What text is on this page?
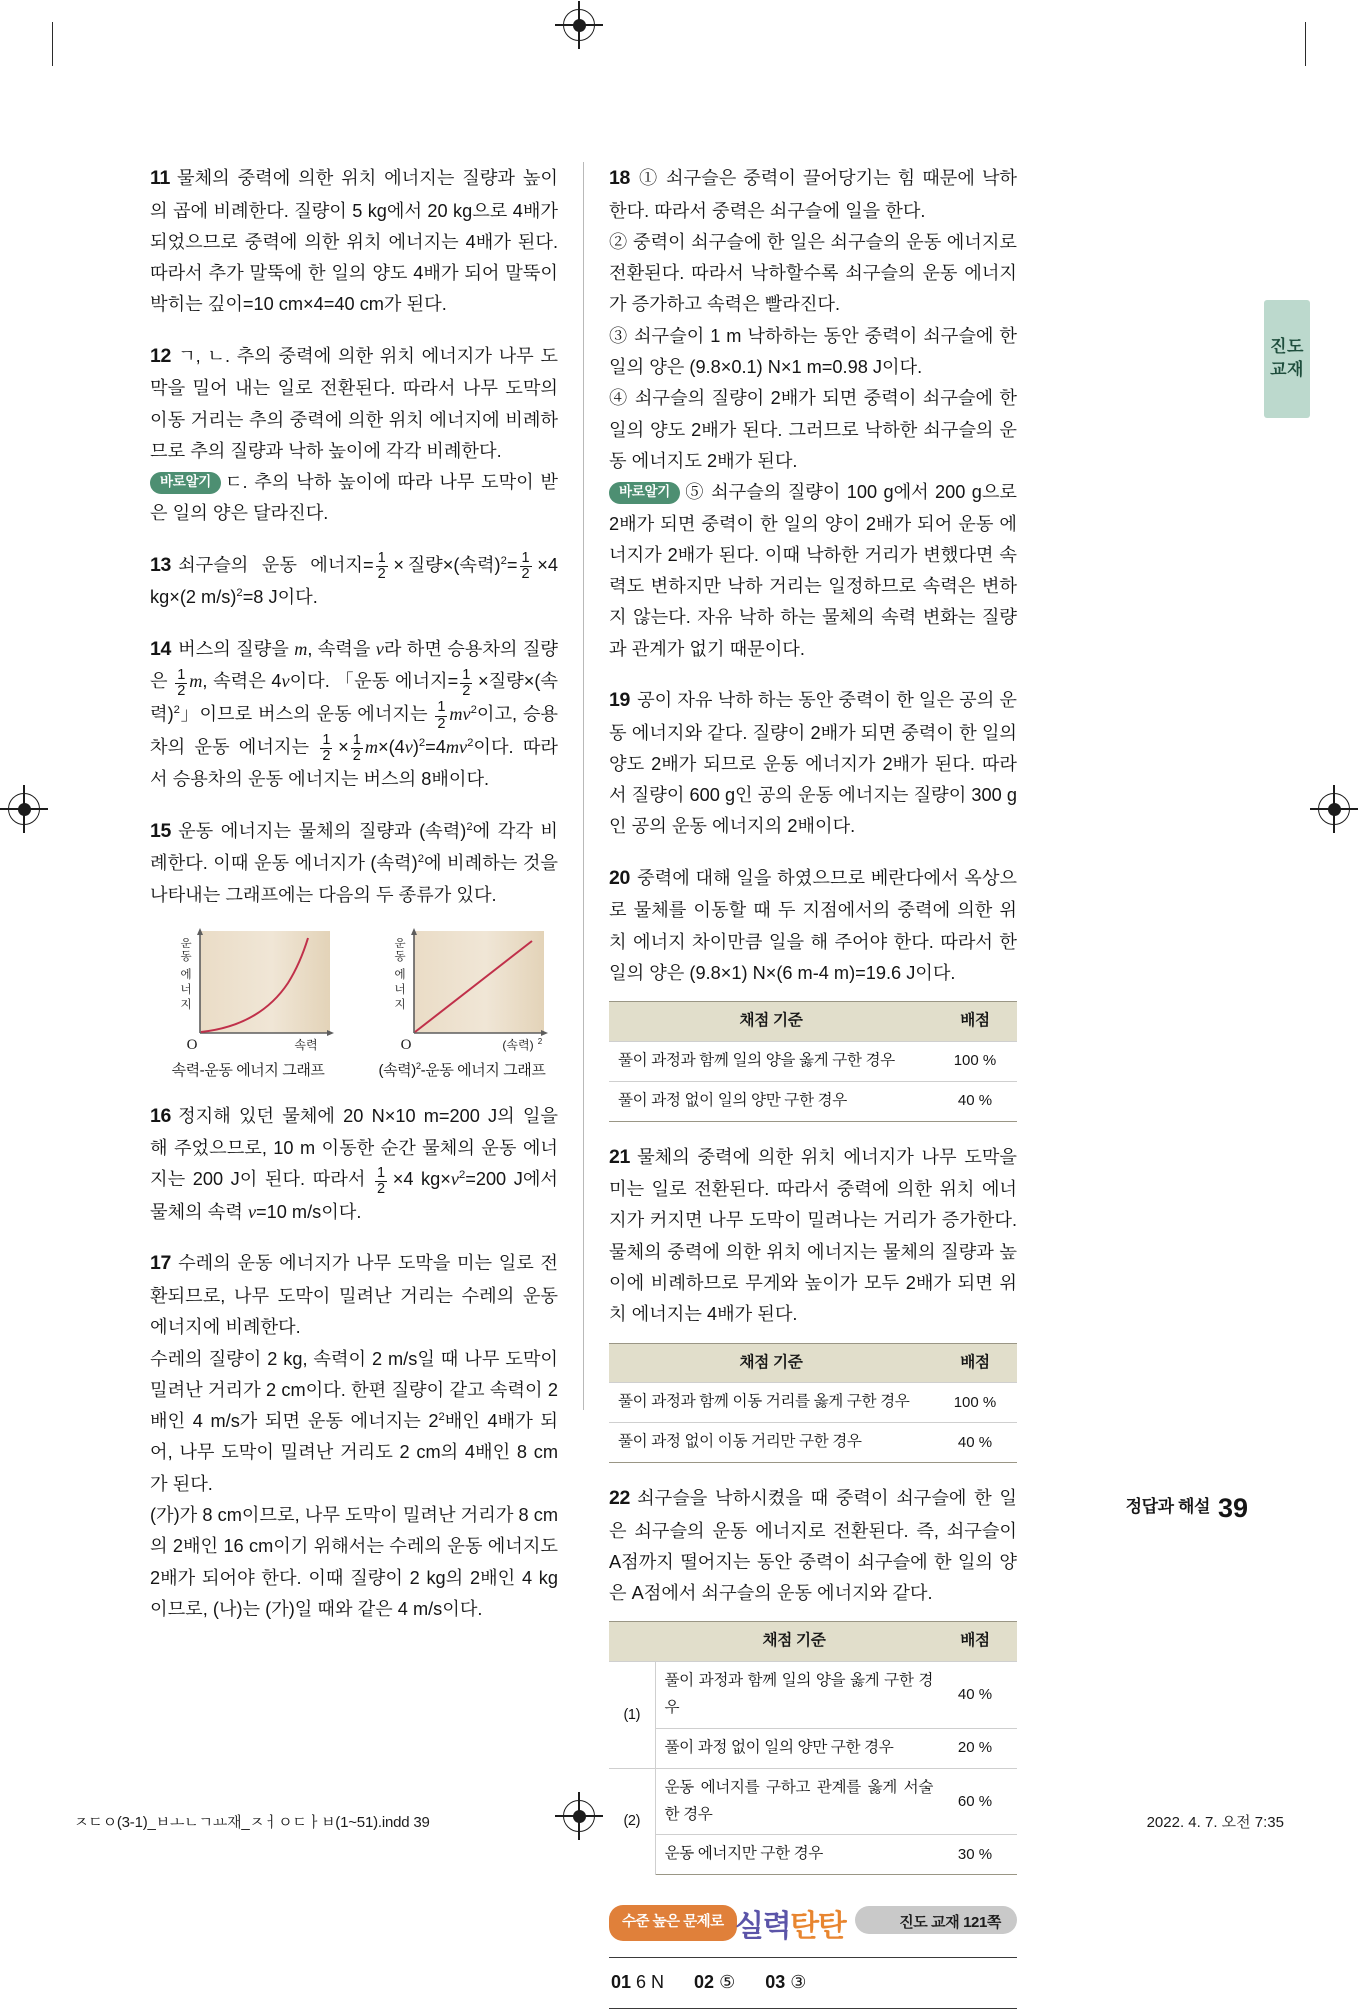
진도
교재

11 물체의 중력에 의한 위치 에너지는 질량과 높이의 곱에 비례한다. 질량이 5 kg에서 20 kg으로 4배가 되었으므로 중력에 의한 위치 에너지는 4배가 된다. 따라서 추가 말뚝에 한 일의 양도 4배가 되어 말뚝이 박히는 깊이=10 cm×4=40 cm가 된다.

12 ㄱ, ㄴ. 추의 중력에 의한 위치 에너지가 나무 도막을 밀어 내는 일로 전환된다. 따라서 나무 도막의 이동 거리는 추의 중력에 의한 위치 에너지에 비례하므로 추의 질량과 낙하 높이에 각각 비례한다.
바로알기 ㄷ. 추의 낙하 높이에 따라 나무 도막이 받은 일의 양은 달라진다.

13 쇠구슬의 운동 에너지= $\frac{1}{2}$  × 질량×(속력)$^2= \frac{1}{2} \times 4$ kg×(2 m/s)$^2$=8 J이다.

14 버스의 질량을 m, 속력을 v라 하면 승용차의 질량은 $\frac{1}{2} m$, 속력은 4v이다. 「운동 에너지= $\frac{1}{2}$  ×질량×(속력)$^2$」이므로 버스의 운동 에너지는 $\frac{1}{2} mv^2$이고, 승용차의 운동 에너지는 $\frac{1}{2} \times \frac{1}{2} m\times(4v)^2=4mv^2$이다. 따라서 승용차의 운동 에너지는 버스의 8배이다.

15 운동 에너지는 물체의 질량과 (속력)$^2$에 각각 비례한다. 이때 운동 에너지가 (속력)$^2$에 비례하는 것을 나타내는 그래프에는 다음의 두 종류가 있다.

운
동
에
너
지
O	속력
속력-운동 에너지 그래프
운
동
에
너
지
O	(속력) 2
(속력)$^2$-운동 에너지 그래프

16 정지해 있던 물체에 20 N×10 m=200 J의 일을 해 주었으므로, 10 m 이동한 순간 물체의 운동 에너지는 200 J이 된다. 따라서 $\frac{1}{2} \times 4$ $kg\times v^2=200$ J에서 물체의 속력 v=10 m/s이다.

17 수레의 운동 에너지가 나무 도막을 미는 일로 전환되므로, 나무 도막이 밀려난 거리는 수레의 운동 에너지에 비례한다.
수레의 질량이 2 kg, 속력이 2 m/s일 때 나무 도막이 밀려난 거리가 2 cm이다. 한편 질량이 같고 속력이 2배인 4 m/s가 되면 운동 에너지는 $2^2$배인 4배가 되어, 나무 도막이 밀려난 거리도 2 cm의 4배인 8 cm가 된다.
(가)가 8 cm이므로, 나무 도막이 밀려난 거리가 8 cm의 2배인 16 cm이기 위해서는 수레의 운동 에너지도 2배가 되어야 한다. 이때 질량이 2 kg의 2배인 4 kg이므로, (나)는 (가)일 때와 같은 4 m/s이다.

18 ① 쇠구슬은 중력이 끌어당기는 힘 때문에 낙하한다. 따라서 중력은 쇠구슬에 일을 한다.
② 중력이 쇠구슬에 한 일은 쇠구슬의 운동 에너지로 전환된다. 따라서 낙하할수록 쇠구슬의 운동 에너지가 증가하고 속력은 빨라진다.
③ 쇠구슬이 1 m 낙하하는 동안 중력이 쇠구슬에 한 일의 양은 (9.8×0.1) N×1 m=0.98 J이다.
④ 쇠구슬의 질량이 2배가 되면 중력이 쇠구슬에 한 일의 양도 2배가 된다. 그러므로 낙하한 쇠구슬의 운동 에너지도 2배가 된다.
바로알기 ⑤ 쇠구슬의 질량이 100 g에서 200 g으로 2배가 되면 중력이 한 일의 양이 2배가 되어 운동 에너지가 2배가 된다. 이때 낙하한 거리가 변했다면 속력도 변하지만 낙하 거리는 일정하므로 속력은 변하지 않는다. 자유 낙하 하는 물체의 속력 변화는 질량과 관계가 없기 때문이다.

19 공이 자유 낙하 하는 동안 중력이 한 일은 공의 운동 에너지와 같다. 질량이 2배가 되면 중력이 한 일의 양도 2배가 되므로 운동 에너지가 2배가 된다. 따라서 질량이 600 g인 공의 운동 에너지는 질량이 300 g인 공의 운동 에너지의 2배이다.

20 중력에 대해 일을 하였으므로 베란다에서 옥상으로 물체를 이동할 때 두 지점에서의 중력에 의한 위치 에너지 차이만큼 일을 해 주어야 한다. 따라서 한 일의 양은 (9.8×1) N×(6 m-4 m)=19.6 J이다.

채점 기준	배점
풀이 과정과 함께 일의 양을 옳게 구한 경우	100 %
풀이 과정 없이 일의 양만 구한 경우	40 %

21 물체의 중력에 의한 위치 에너지가 나무 도막을 미는 일로 전환된다. 따라서 중력에 의한 위치 에너지가 커지면 나무 도막이 밀려나는 거리가 증가한다. 물체의 중력에 의한 위치 에너지는 물체의 질량과 높이에 비례하므로 무게와 높이가 모두 2배가 되면 위치 에너지는 4배가 된다.

채점 기준	배점
풀이 과정과 함께 이동 거리를 옳게 구한 경우	100 %
풀이 과정 없이 이동 거리만 구한 경우	40 %

22 쇠구슬을 낙하시켰을 때 중력이 쇠구슬에 한 일은 쇠구슬의 운동 에너지로 전환된다. 즉, 쇠구슬이 A점까지 떨어지는 동안 중력이 쇠구슬에 한 일의 양은 A점에서 쇠구슬의 운동 에너지와 같다.

	채점 기준	배점
(1)	풀이 과정과 함께 일의 양을 옳게 구한 경우	40 %
	풀이 과정 없이 일의 양만 구한 경우	20 %
(2)	운동 에너지를 구하고 관계를 옳게 서술한 경우	60 %
	운동 에너지만 구한 경우	30 %
수준 높은 문제로 실력탄탄	진도 교재 121쪽
01 6 N 02 ⑤ 03 ③
정답과 해설 39
ㅈㄷㅇ(3-1)_ㅂㅗㄴㄱㅛ재_ㅈㅓㅇㄷㅏㅂ(1~51).indd 39	2022. 4. 7. 오전 7:35
